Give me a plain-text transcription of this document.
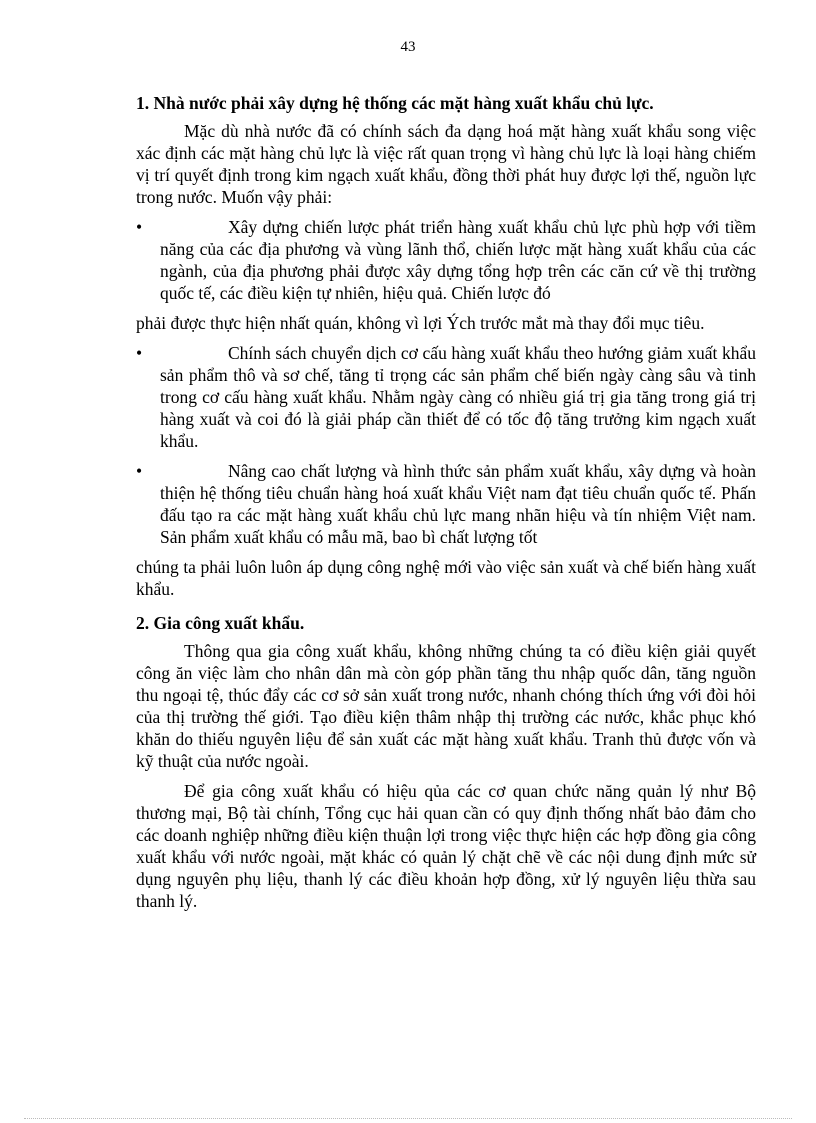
43
1. Nhà nước phải xây dựng hệ thống các mặt hàng xuất khẩu chủ lực.

Mặc dù nhà nước đã có chính sách đa dạng hoá mặt hàng xuất khẩu song việc xác định các mặt hàng chủ lực là việc rất quan trọng vì hàng chủ lực là loại hàng chiếm vị trí quyết định trong kim ngạch xuất khẩu, đồng thời phát huy được lợi thế, nguồn lực trong nước. Muốn vậy phải:

•	Xây dựng chiến lược phát triển hàng xuất khẩu chủ lực phù hợp với tiềm năng của các địa phương và vùng lãnh thổ, chiến lược mặt hàng xuất khẩu của các ngành, của địa phương phải được xây dựng tổng hợp trên các căn cứ về thị trường quốc tế, các điều kiện tự nhiên, hiệu quả. Chiến lược đó

phải được thực hiện nhất quán, không vì lợi Ých trước mắt mà thay đổi mục tiêu.

•	Chính sách chuyển dịch cơ cấu hàng xuất khẩu theo hướng giảm xuất khẩu sản phẩm thô và sơ chế, tăng tỉ trọng các sản phẩm chế biến ngày càng sâu và tinh trong cơ cấu hàng xuất khẩu. Nhằm ngày càng có nhiều giá trị gia tăng trong giá trị hàng xuất và coi đó là giải pháp cần thiết để có tốc độ tăng trưởng kim ngạch xuất khẩu.
•	Nâng cao chất lượng và hình thức sản phẩm xuất khẩu, xây dựng và hoàn thiện hệ thống tiêu chuẩn hàng hoá xuất khẩu Việt nam đạt tiêu chuẩn quốc tế. Phấn đấu tạo ra các mặt hàng xuất khẩu chủ lực mang nhãn hiệu và tín nhiệm Việt nam. Sản phẩm xuất khẩu có mẫu mã, bao bì chất lượng tốt

chúng ta phải luôn luôn áp dụng công nghệ mới vào việc sản xuất và chế biến hàng xuất khẩu.

2. Gia công xuất khẩu.

Thông qua gia công xuất khẩu, không những chúng ta có điều kiện giải quyết công ăn việc làm cho nhân dân mà còn góp phần tăng thu nhập quốc dân, tăng nguồn thu ngoại tệ, thúc đẩy các cơ sở sản xuất trong nước, nhanh chóng thích ứng với đòi hỏi của thị trường thế giới. Tạo điều kiện thâm nhập thị trường các nước, khắc phục khó khăn do thiếu nguyên liệu để sản xuất các mặt hàng xuất khẩu. Tranh thủ được vốn và kỹ thuật của nước ngoài.

Để gia công xuất khẩu có hiệu qủa các cơ quan chức năng quản lý như Bộ thương mại, Bộ tài chính, Tổng cục hải quan cần có quy định thống nhất bảo đảm cho các doanh nghiệp những điều kiện thuận lợi trong việc thực hiện các hợp đồng gia công xuất khẩu với nước ngoài, mặt khác có quản lý chặt chẽ về các nội dung định mức sử dụng nguyên phụ liệu, thanh lý các điều khoản hợp đồng, xử lý nguyên liệu thừa sau thanh lý.
